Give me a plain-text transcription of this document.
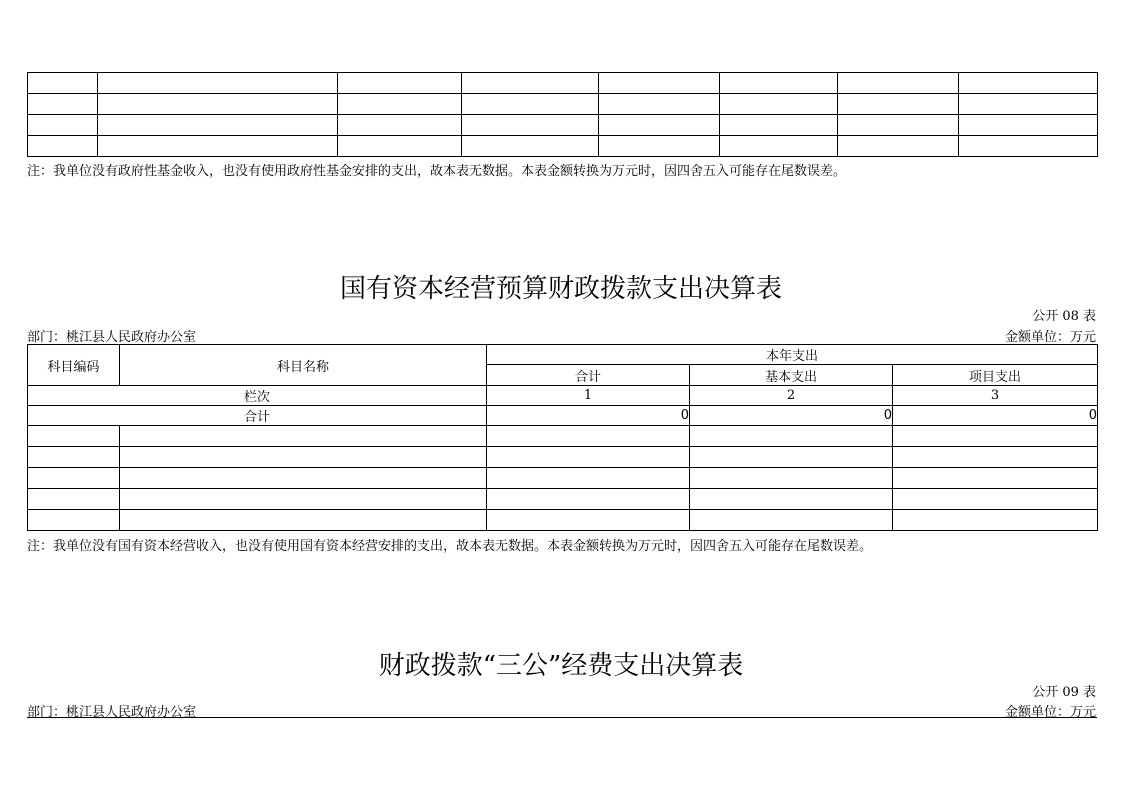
注：我单位没有政府性基金收入，也没有使用政府性基金安排的支出，故本表无数据。本表金额转换为万元时，因四舍五入可能存在尾数误差。
国有资本经营预算财政拨款支出决算表
公开 08 表
部门：桃江县人民政府办公室	金额单位：万元
科目编码	科目名称	本年支出		
		合计	基本支出	项目支出
栏次		1	2	3
合计		0	0	0

注：我单位没有国有资本经营收入，也没有使用国有资本经营安排的支出，故本表无数据。本表金额转换为万元时，因四舍五入可能存在尾数误差。
财政拨款“三公”经费支出决算表
公开 09 表
部门：桃江县人民政府办公室	金额单位：万元
